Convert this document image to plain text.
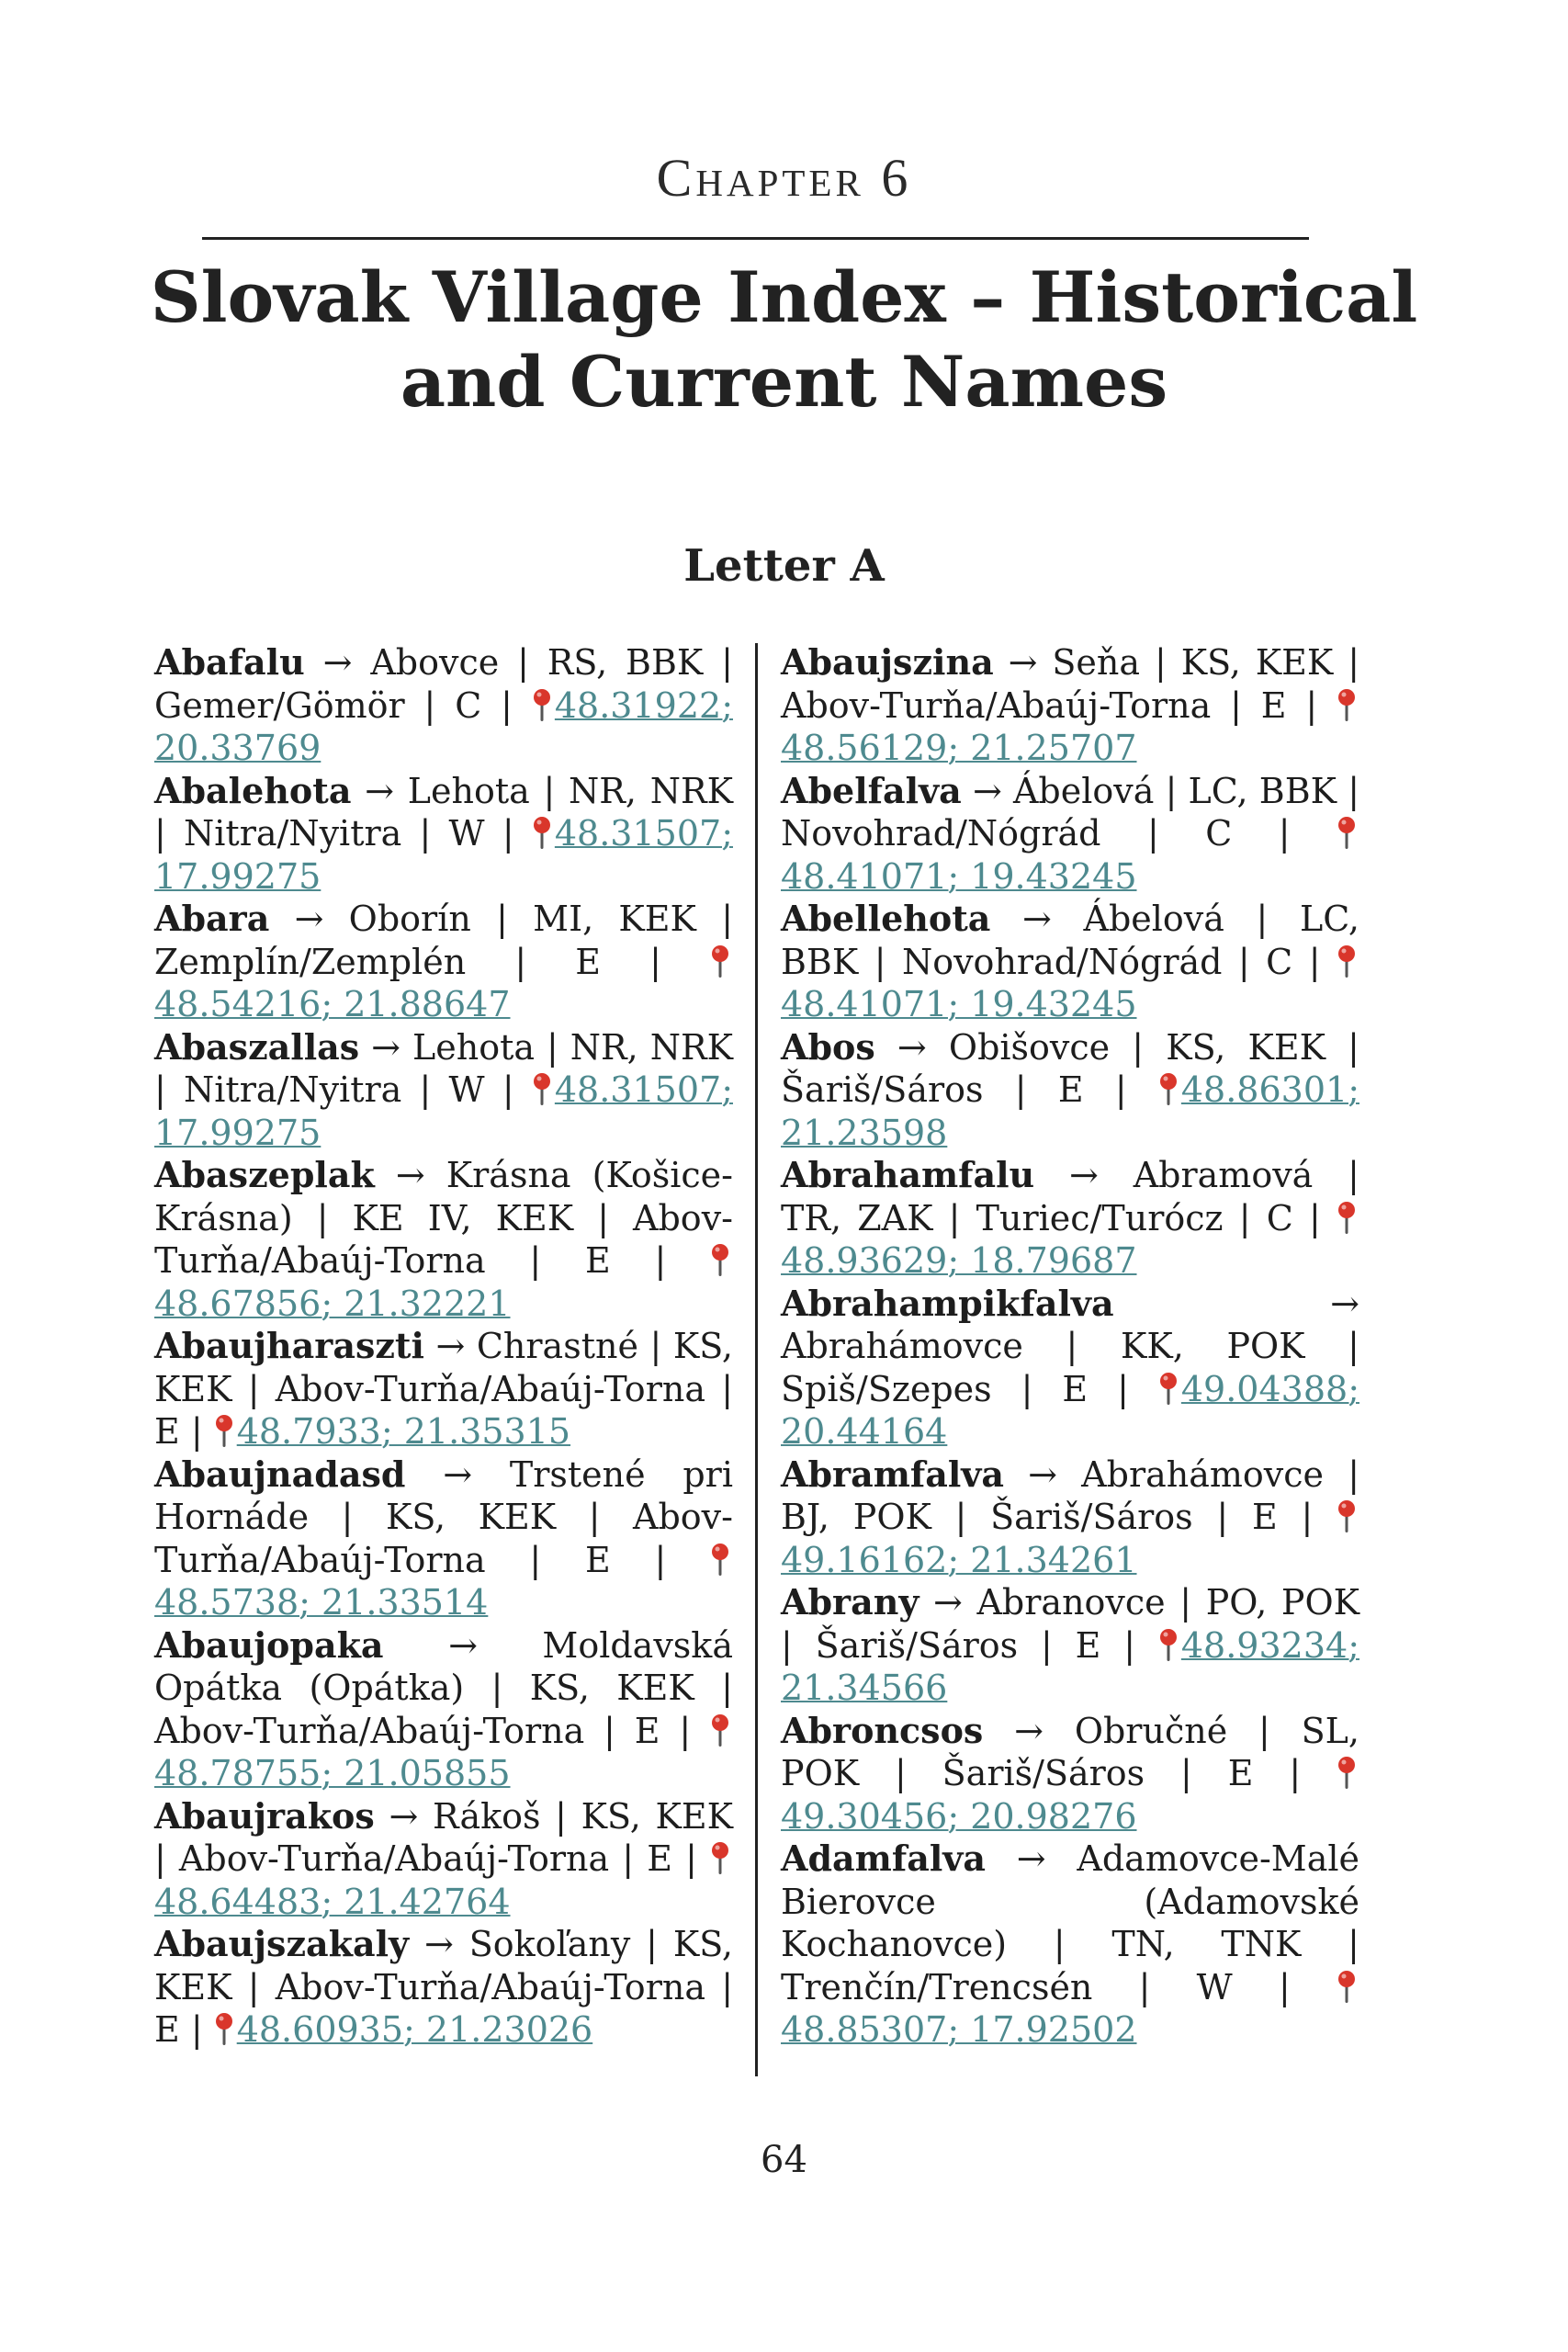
Chapter 6
Slovak Village Index – Historical
and Current Names
Letter A
Abafalu → Abovce | RS, BBK | Gemer/Gömör | C | 48.31922; 20.33769
Abalehota → Lehota | NR, NRK | Nitra/Nyitra | W | 48.31507; 17.99275
Abara → Oborín | MI, KEK | Zemplín/Zemplén | E | 48.54216; 21.88647
Abaszallas → Lehota | NR, NRK | Nitra/Nyitra | W | 48.31507; 17.99275
Abaszeplak → Krásna (Košice-Krásna) | KE IV, KEK | Abov-Turňa/Abaúj-Torna | E | 48.67856; 21.32221
Abaujharaszti → Chrastné | KS, KEK | Abov-Turňa/Abaúj-Torna | E | 48.7933; 21.35315
Abaujnadasd → Trstené pri Hornáde | KS, KEK | Abov-Turňa/Abaúj-Torna | E | 48.5738; 21.33514
Abaujopaka → Moldavská Opátka (Opátka) | KS, KEK | Abov-Turňa/Abaúj-Torna | E | 48.78755; 21.05855
Abaujrakos → Rákoš | KS, KEK | Abov-Turňa/Abaúj-Torna | E | 48.64483; 21.42764
Abaujszakaly → Sokoľany | KS, KEK | Abov-Turňa/Abaúj-Torna | E | 48.60935; 21.23026
Abaujszina → Seňa | KS, KEK | Abov-Turňa/Abaúj-Torna | E | 48.56129; 21.25707
Abelfalva → Ábelová | LC, BBK | Novohrad/Nógrád | C | 48.41071; 19.43245
Abellehota → Ábelová | LC, BBK | Novohrad/Nógrád | C | 48.41071; 19.43245
Abos → Obišovce | KS, KEK | Šariš/Sáros | E | 48.86301; 21.23598
Abrahamfalu → Abramová | TR, ZAK | Turiec/Turócz | C | 48.93629; 18.79687
Abrahampikfalva → Abrahámovce | KK, POK | Spiš/Szepes | E | 49.04388; 20.44164
Abramfalva → Abrahámovce | BJ, POK | Šariš/Sáros | E | 49.16162; 21.34261
Abrany → Abranovce | PO, POK | Šariš/Sáros | E | 48.93234; 21.34566
Abroncsos → Obručné | SL, POK | Šariš/Sáros | E | 49.30456; 20.98276
Adamfalva → Adamovce-Malé Bierovce (Adamovské Kochanovce) | TN, TNK | Trenčín/Trencsén | W | 48.85307; 17.92502
64
